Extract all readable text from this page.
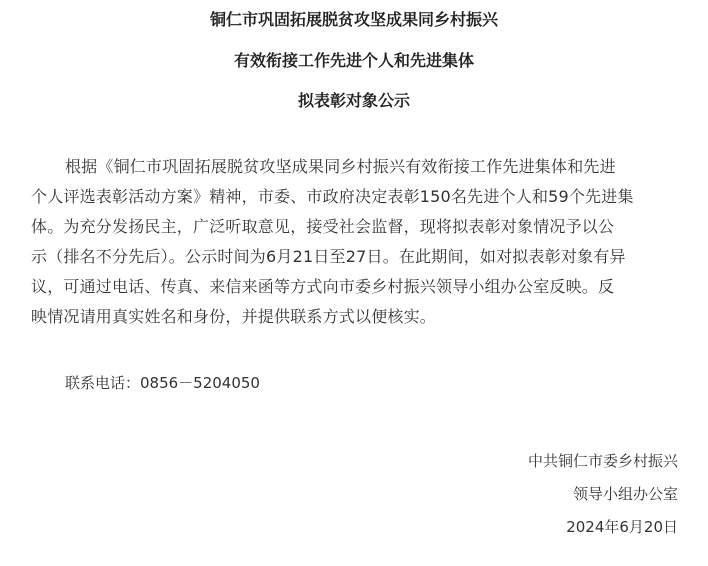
铜仁市巩固拓展脱贫攻坚成果同乡村振兴
有效衔接工作先进个人和先进集体
拟表彰对象公示
根据《铜仁市巩固拓展脱贫攻坚成果同乡村振兴有效衔接工作先进集体和先进
个人评选表彰活动方案》精神，市委、市政府决定表彰150名先进个人和59个先进集
体。为充分发扬民主，广泛听取意见，接受社会监督，现将拟表彰对象情况予以公
示（排名不分先后）。公示时间为6月21日至27日。在此期间，如对拟表彰对象有异
议，可通过电话、传真、来信来函等方式向市委乡村振兴领导小组办公室反映。反
映情况请用真实姓名和身份，并提供联系方式以便核实。
联系电话：0856－5204050
中共铜仁市委乡村振兴
领导小组办公室
2024年6月20日
